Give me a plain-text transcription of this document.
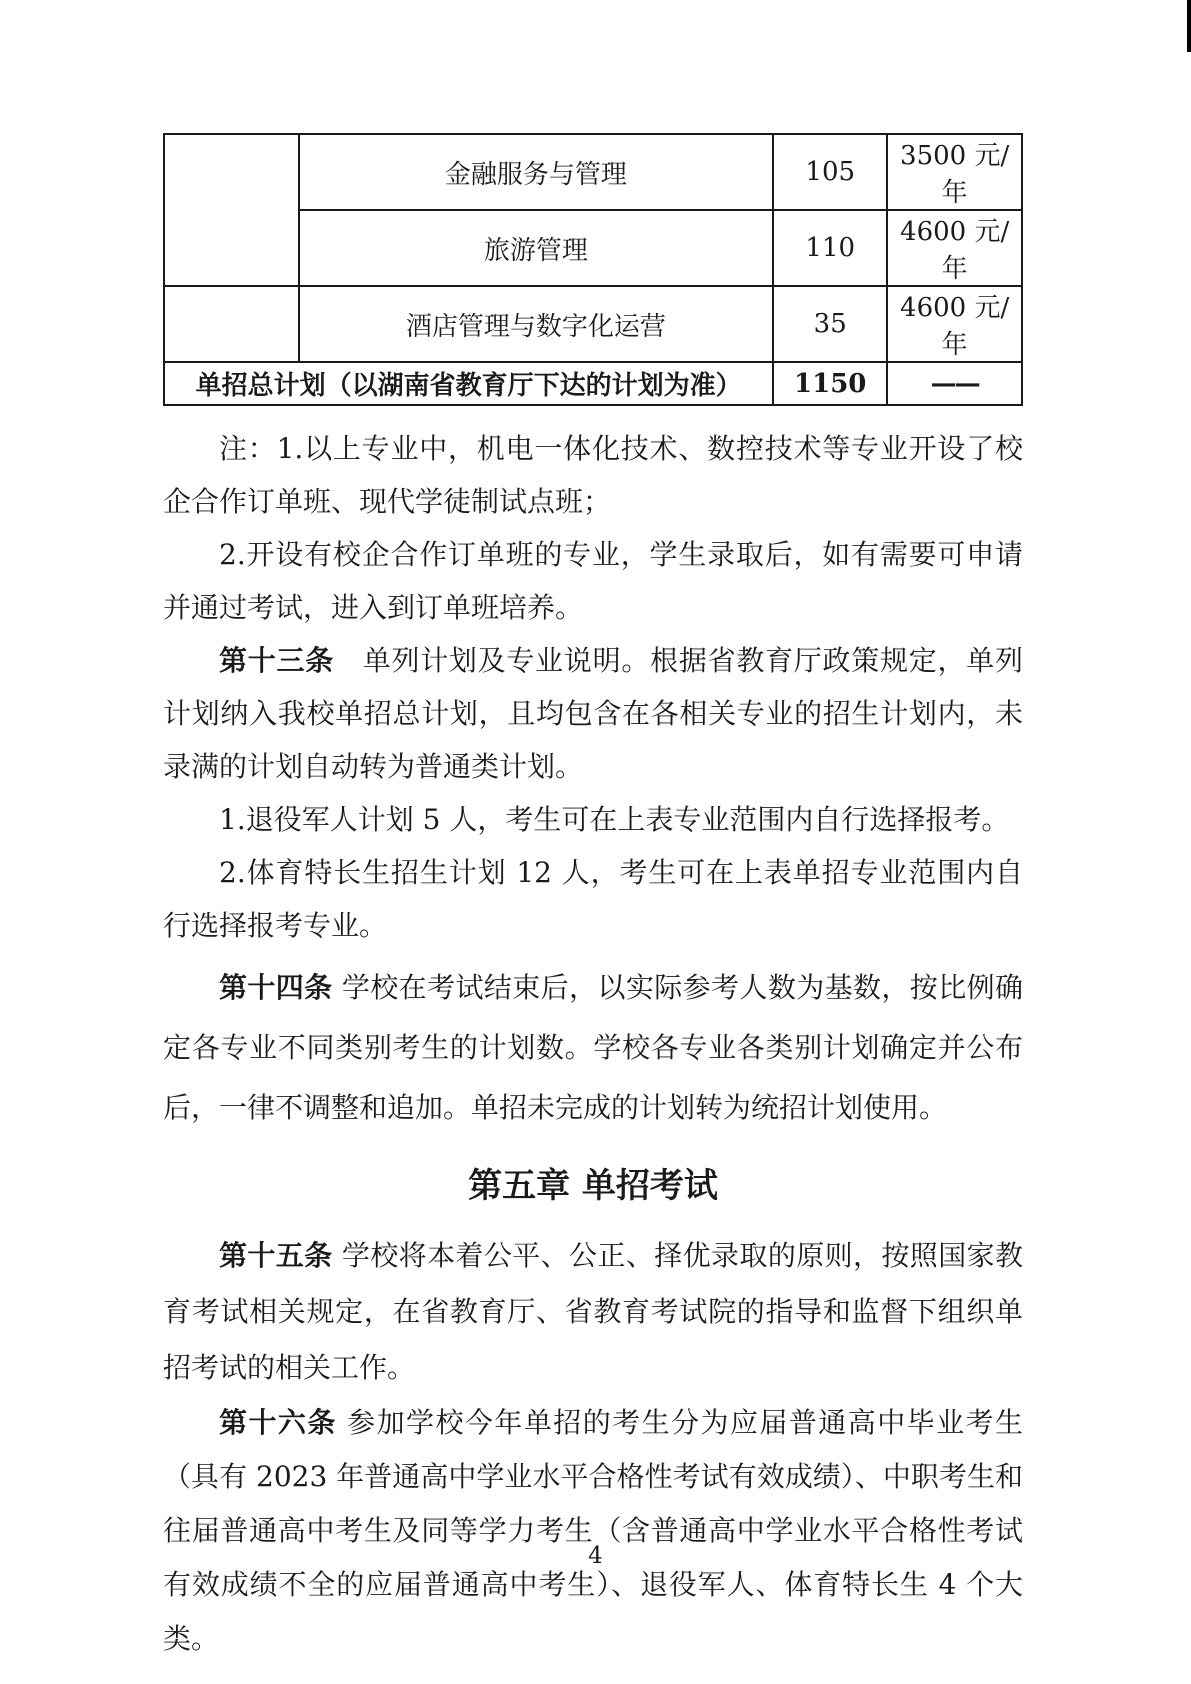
	金融服务与管理	105	3500 元/年
	旅游管理	110	4600 元/年
	酒店管理与数字化运营	35	4600 元/年
单招总计划（以湖南省教育厅下达的计划为准）		1150	——

注：1.以上专业中，机电一体化技术、数控技术等专业开设了校企合作订单班、现代学徒制试点班；

2.开设有校企合作订单班的专业，学生录取后，如有需要可申请并通过考试，进入到订单班培养。

第十三条　单列计划及专业说明。根据省教育厅政策规定，单列计划纳入我校单招总计划，且均包含在各相关专业的招生计划内，未录满的计划自动转为普通类计划。

1.退役军人计划 5 人，考生可在上表专业范围内自行选择报考。

2.体育特长生招生计划 12 人，考生可在上表单招专业范围内自行选择报考专业。

第十四条 学校在考试结束后，以实际参考人数为基数，按比例确定各专业不同类别考生的计划数。学校各专业各类别计划确定并公布后，一律不调整和追加。单招未完成的计划转为统招计划使用。

第五章 单招考试

第十五条 学校将本着公平、公正、择优录取的原则，按照国家教育考试相关规定，在省教育厅、省教育考试院的指导和监督下组织单招考试的相关工作。

第十六条 参加学校今年单招的考生分为应届普通高中毕业考生（具有 2023 年普通高中学业水平合格性考试有效成绩）、中职考生和往届普通高中考生及同等学力考生（含普通高中学业水平合格性考试有效成绩不全的应届普通高中考生）、退役军人、体育特长生 4 个大类。

4
